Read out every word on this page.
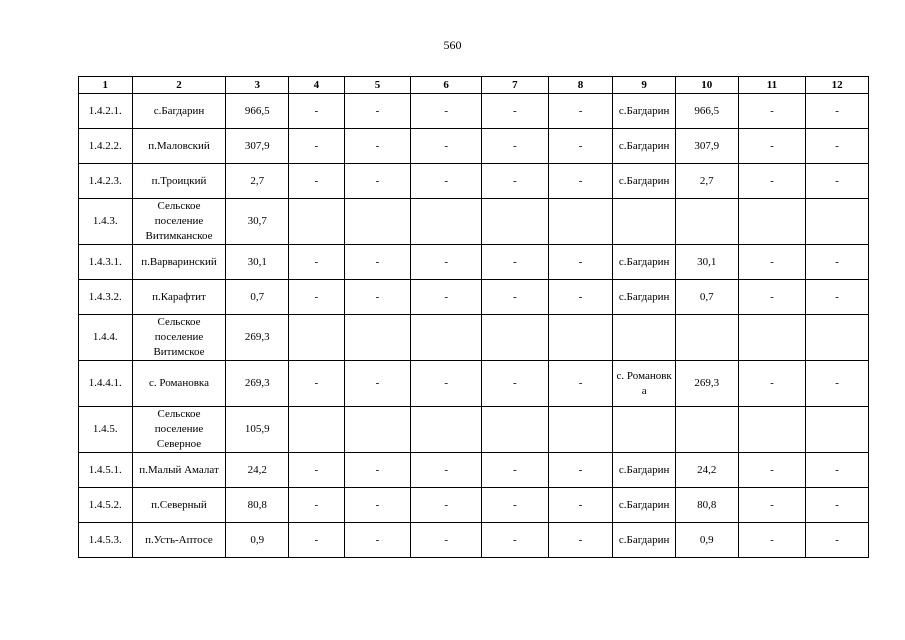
560
1	2	3	4	5	6	7	8	9	10	11	12
1.4.2.1.	с.Багдарин	966,5	-	-	-	-	-	с.Багдарин	966,5	-	-
1.4.2.2.	п.Маловский	307,9	-	-	-	-	-	с.Багдарин	307,9	-	-
1.4.2.3.	п.Троицкий	2,7	-	-	-	-	-	с.Багдарин	2,7	-	-
1.4.3.	Сельское поселение Витимканское	30,7									
1.4.3.1.	п.Варваринский	30,1	-	-	-	-	-	с.Багдарин	30,1	-	-
1.4.3.2.	п.Карафтит	0,7	-	-	-	-	-	с.Багдарин	0,7	-	-
1.4.4.	Сельское поселение Витимское	269,3									
1.4.4.1.	с. Романовка	269,3	-	-	-	-	-	с. Романовка	269,3	-	-
1.4.5.	Сельское поселение Северное	105,9									
1.4.5.1.	п.Малый Амалат	24,2	-	-	-	-	-	с.Багдарин	24,2	-	-
1.4.5.2.	п.Северный	80,8	-	-	-	-	-	с.Багдарин	80,8	-	-
1.4.5.3.	п.Усть-Аптосе	0,9	-	-	-	-	-	с.Багдарин	0,9	-	-
